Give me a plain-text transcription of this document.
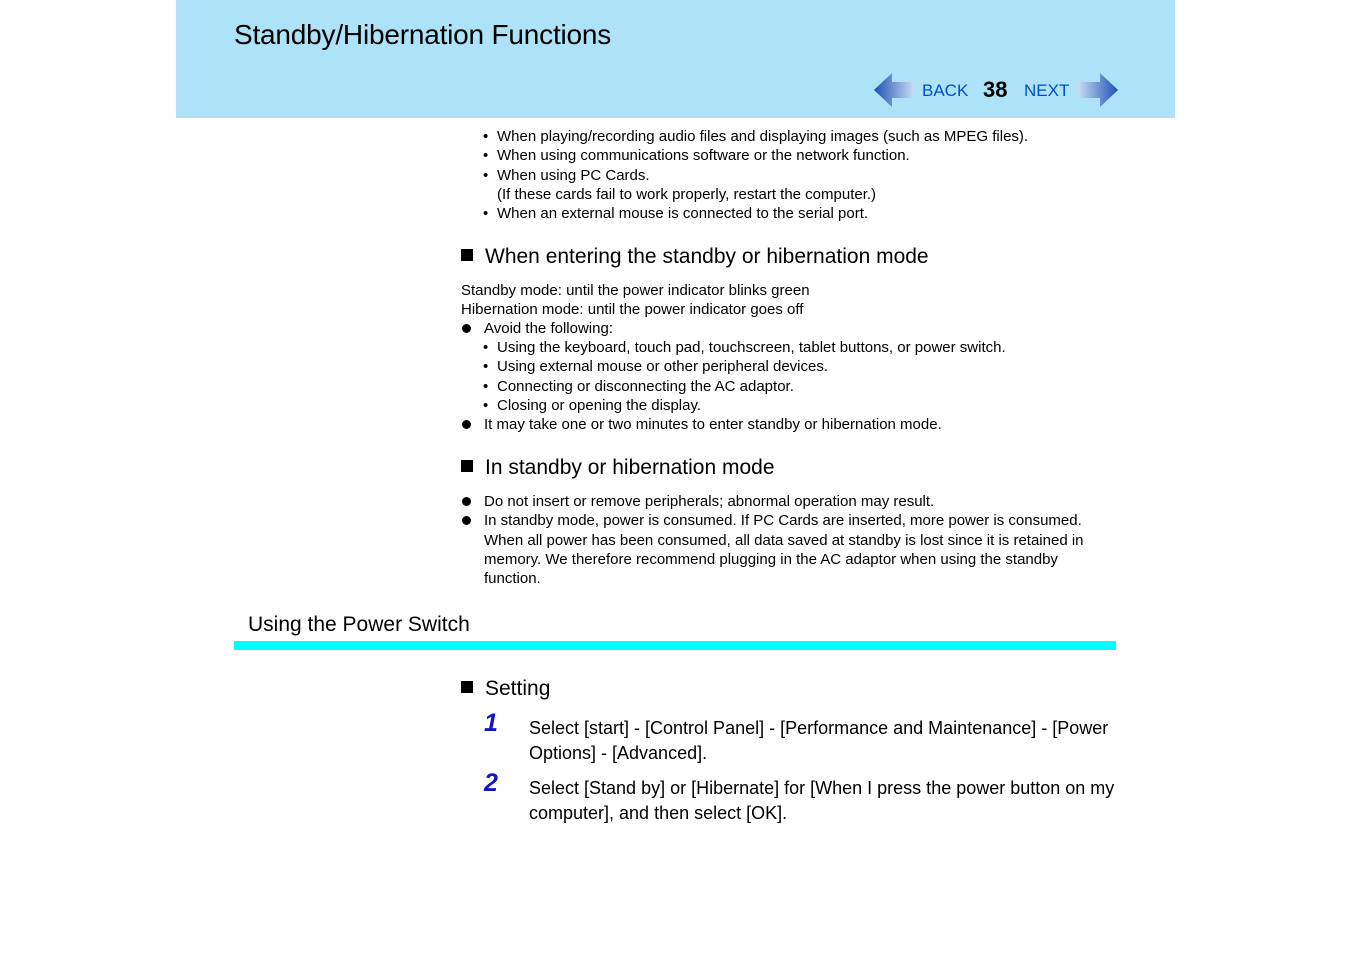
Standby/Hibernation Functions
BACK 38 NEXT
• When playing/recording audio files and displaying images (such as MPEG files).
• When using communications software or the network function.
• When using PC Cards.
(If these cards fail to work properly, restart the computer.)
• When an external mouse is connected to the serial port.
When entering the standby or hibernation mode
Standby mode: until the power indicator blinks green
Hibernation mode: until the power indicator goes off
Avoid the following:
• Using the keyboard, touch pad, touchscreen, tablet buttons, or power switch.
• Using external mouse or other peripheral devices.
• Connecting or disconnecting the AC adaptor.
• Closing or opening the display.
It may take one or two minutes to enter standby or hibernation mode.
In standby or hibernation mode
Do not insert or remove peripherals; abnormal operation may result.
In standby mode, power is consumed. If PC Cards are inserted, more power is consumed. When all power has been consumed, all data saved at standby is lost since it is retained in memory. We therefore recommend plugging in the AC adaptor when using the standby function.
Using the Power Switch
Setting
1 Select [start] - [Control Panel] - [Performance and Maintenance] - [Power Options] - [Advanced].
2 Select [Stand by] or [Hibernate] for [When I press the power button on my computer], and then select [OK].
